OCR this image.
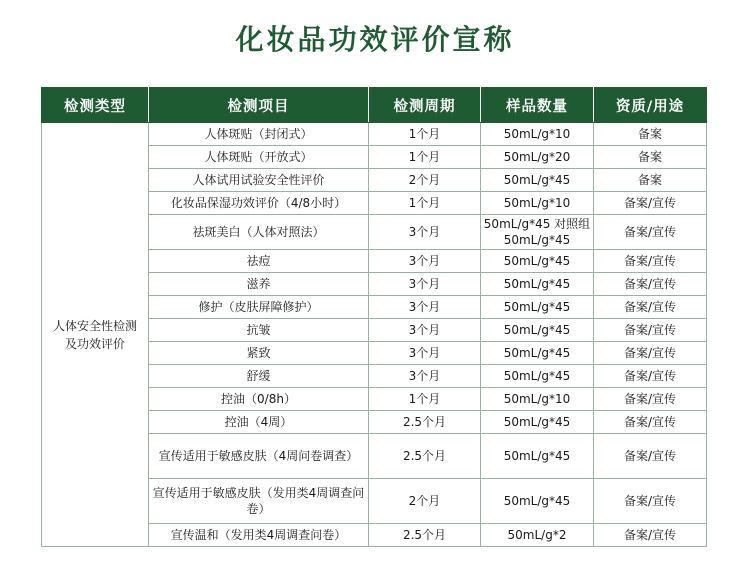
化妆品功效评价宣称
检测类型	检测项目	检测周期	样品数量	资质/用途

人体安全性检测
及功效评价	人体斑贴（封闭式）	1个月	50mL/g*10	备案
	人体斑贴（开放式）	1个月	50mL/g*20	备案
	人体试用试验安全性评价	2个月	50mL/g*45	备案
	化妆品保湿功效评价（4/8小时）	1个月	50mL/g*10	备案/宣传
	祛斑美白（人体对照法）	3个月	50mL/g*45 对照组 50mL/g*45	备案/宣传
	祛痘	3个月	50mL/g*45	备案/宣传
	滋养	3个月	50mL/g*45	备案/宣传
	修护（皮肤屏障修护）	3个月	50mL/g*45	备案/宣传
	抗皱	3个月	50mL/g*45	备案/宣传
	紧致	3个月	50mL/g*45	备案/宣传
	舒缓	3个月	50mL/g*45	备案/宣传
	控油（0/8h）	1个月	50mL/g*10	备案/宣传
	控油（4周）	2.5个月	50mL/g*45	备案/宣传
	宣传适用于敏感皮肤（4周问卷调查）	2.5个月	50mL/g*45	备案/宣传
	宣传适用于敏感皮肤（发用类4周调查问卷）	2个月	50mL/g*45	备案/宣传
	宣传温和（发用类4周调查问卷）	2.5个月	50mL/g*2	备案/宣传
